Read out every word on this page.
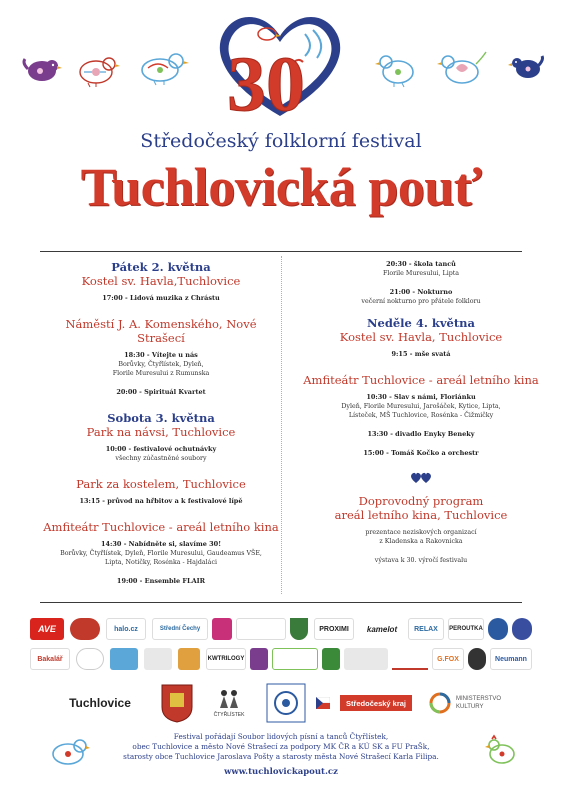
30
Středočeský folklorní festival
Tuchlovická pouť
Pátek 2. května
Kostel sv. Havla,Tuchlovice
17:00 - Lidová muzika z Chrástu
Náměstí J. A. Komenského, Nové Strašecí
18:30 - Vítejte u nás
Borůvky, Čtyřlístek, Dyleň,
Florile Muresului z Rumunska
20:00 - Spirituál Kvartet
Sobota 3. května
Park na návsi, Tuchlovice
10:00 - festivalové ochutnávky
všechny zúčastněné soubory
Park za kostelem, Tuchlovice
13:15 - průvod na hřbitov a k festivalové lípě
Amfiteátr Tuchlovice - areál letního kina
14:30 - Nabídněte si, slavíme 30!
Borůvky, Čtyřlístek, Dyleň, Florile Muresului, Gaudeamus VŠE,
Lipta, Notičky, Rosénka - Hajdaláci
19:00 - Ensemble FLAIR
20:30 - škola tanců
Florile Muresului, Lipta
21:00 - Nokturno
večerní nokturno pro přátele folkloru
Neděle 4. května
Kostel sv. Havla, Tuchlovice
9:15 - mše svatá
Amfiteátr Tuchlovice - areál letního kina
10:30 - Slav s námi, Floriánku
Dyleň, Florile Muresului, Jarošáček, Kytice, Lipta,
Lísteček, MŠ Tuchlovice, Rosénka - Čižmičky
13:30 - divadlo Enyky Beneky
15:00 - Tomáš Kočko a orchestr
Doprovodný program
areál letního kina, Tuchlovice
prezentace neziskových organizací
z Kladenska a Rakovnicka
výstava k 30. výročí festivalu
AVE	halo.cz	Střední Čechy	PROXIMI	kamelot	RELAX	PEROUTKA
Bakalář	KWTRILOGY	G.FOX	Neumann
Tuchlovice
ČTYŘLÍSTEK
Středočeský kraj	MINISTERSTVO
KULTURY
Festival pořádají Soubor lidových písní a tanců Čtyřlístek,
obec Tuchlovice a město Nové Strašecí za podpory MK ČR a KÚ SK a FU PraŠk,
starosty obce Tuchlovice Jaroslava Pošty a starosty města Nové Strašecí Karla Filipa.
www.tuchlovickapout.cz
